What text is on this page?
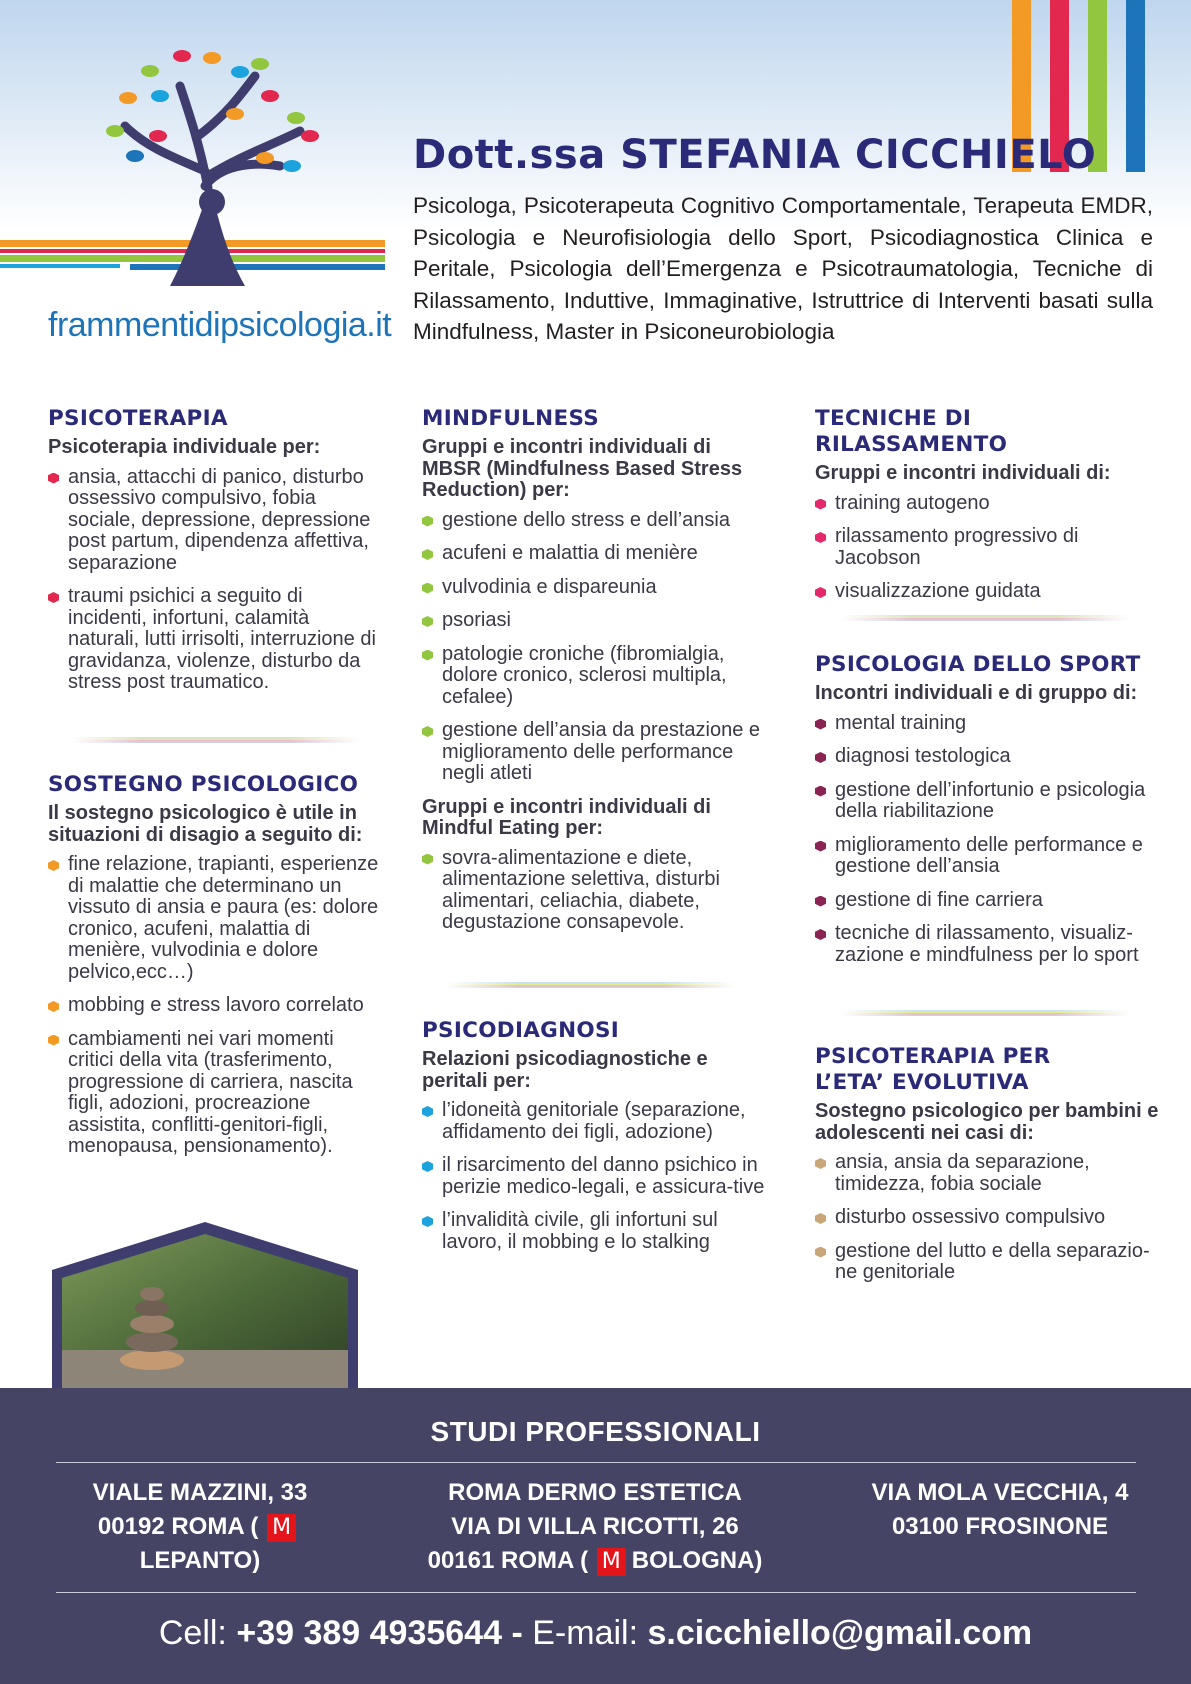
frammentidipsicologia.it

Dott.ssa STEFANIA CICCHIELO

Psicologa, Psicoterapeuta Cognitivo Comportamentale, Terapeuta EMDR, Psicologia e Neurofisiologia dello Sport, Psicodiagnostica Clinica e Peritale, Psicologia dell’Emergenza e Psicotraumatologia, Tecniche di Rilassamento, Induttive, Immaginative, Istruttrice di Interventi basati sulla Mindfulness, Master in Psiconeurobiologia

PSICOTERAPIA

Psicoterapia individuale per:

ansia, attacchi di panico, disturbo ossessivo compulsivo, fobia sociale, depressione, depressione post partum, dipendenza affettiva, separazione
traumi psichici a seguito di incidenti, infortuni, calamità naturali, lutti irrisolti, interruzione di gravidanza, violenze, disturbo da stress post traumatico.
SOSTEGNO PSICOLOGICO

Il sostegno psicologico è utile in situazioni di disagio a seguito di:

fine relazione, trapianti, esperienze di malattie che determinano un vissuto di ansia e paura (es: dolore cronico, acufeni, malattia di menière, vulvodinia e dolore pelvico,ecc…)
mobbing e stress lavoro correlato
cambiamenti nei vari momenti critici della vita (trasferimento, progressione di carriera, nascita figli, adozioni, procreazione assistita, conflitti-genitori-figli, menopausa, pensionamento).
MINDFULNESS

Gruppi e incontri individuali di MBSR (Mindfulness Based Stress Reduction) per:

gestione dello stress e dell’ansia
acufeni e malattia di menière
vulvodinia e dispareunia
psoriasi
patologie croniche (fibromialgia, dolore cronico, sclerosi multipla, cefalee)
gestione dell’ansia da prestazione e miglioramento delle performance negli atleti

Gruppi e incontri individuali di Mindful Eating per:

sovra-alimentazione e diete, alimentazione selettiva, disturbi alimentari, celiachia, diabete, degustazione consapevole.
PSICODIAGNOSI

Relazioni psicodiagnostiche e peritali per:

l’idoneità genitoriale (separazione, affidamento dei figli, adozione)
il risarcimento del danno psichico in perizie medico-legali, e assicura-tive
l’invalidità civile, gli infortuni sul lavoro, il mobbing e lo stalking
TECNICHE DI RILASSAMENTO

Gruppi e incontri individuali di:

training autogeno
rilassamento progressivo di Jacobson
visualizzazione guidata
PSICOLOGIA DELLO SPORT

Incontri individuali e di gruppo di:

mental training
diagnosi testologica
gestione dell’infortunio e psicologia della riabilitazione
miglioramento delle performance e gestione dell’ansia
gestione di fine carriera
tecniche di rilassamento, visualiz-zazione e mindfulness per lo sport
PSICOTERAPIA PER L’ETA’ EVOLUTIVA

Sostegno psicologico per bambini e adolescenti nei casi di:

ansia, ansia da separazione, timidezza, fobia sociale
disturbo ossessivo compulsivo
gestione del lutto e della separazio-ne genitoriale
STUDI PROFESSIONALI
VIALE MAZZINI, 33
00192 ROMA ( MLEPANTO)
ROMA DERMO ESTETICA
VIA DI VILLA RICOTTI, 26
00161 ROMA ( M BOLOGNA)
VIA MOLA VECCHIA, 4
03100 FROSINONE

Cell: +39 389 4935644 - E-mail: s.cicchiello@gmail.com
